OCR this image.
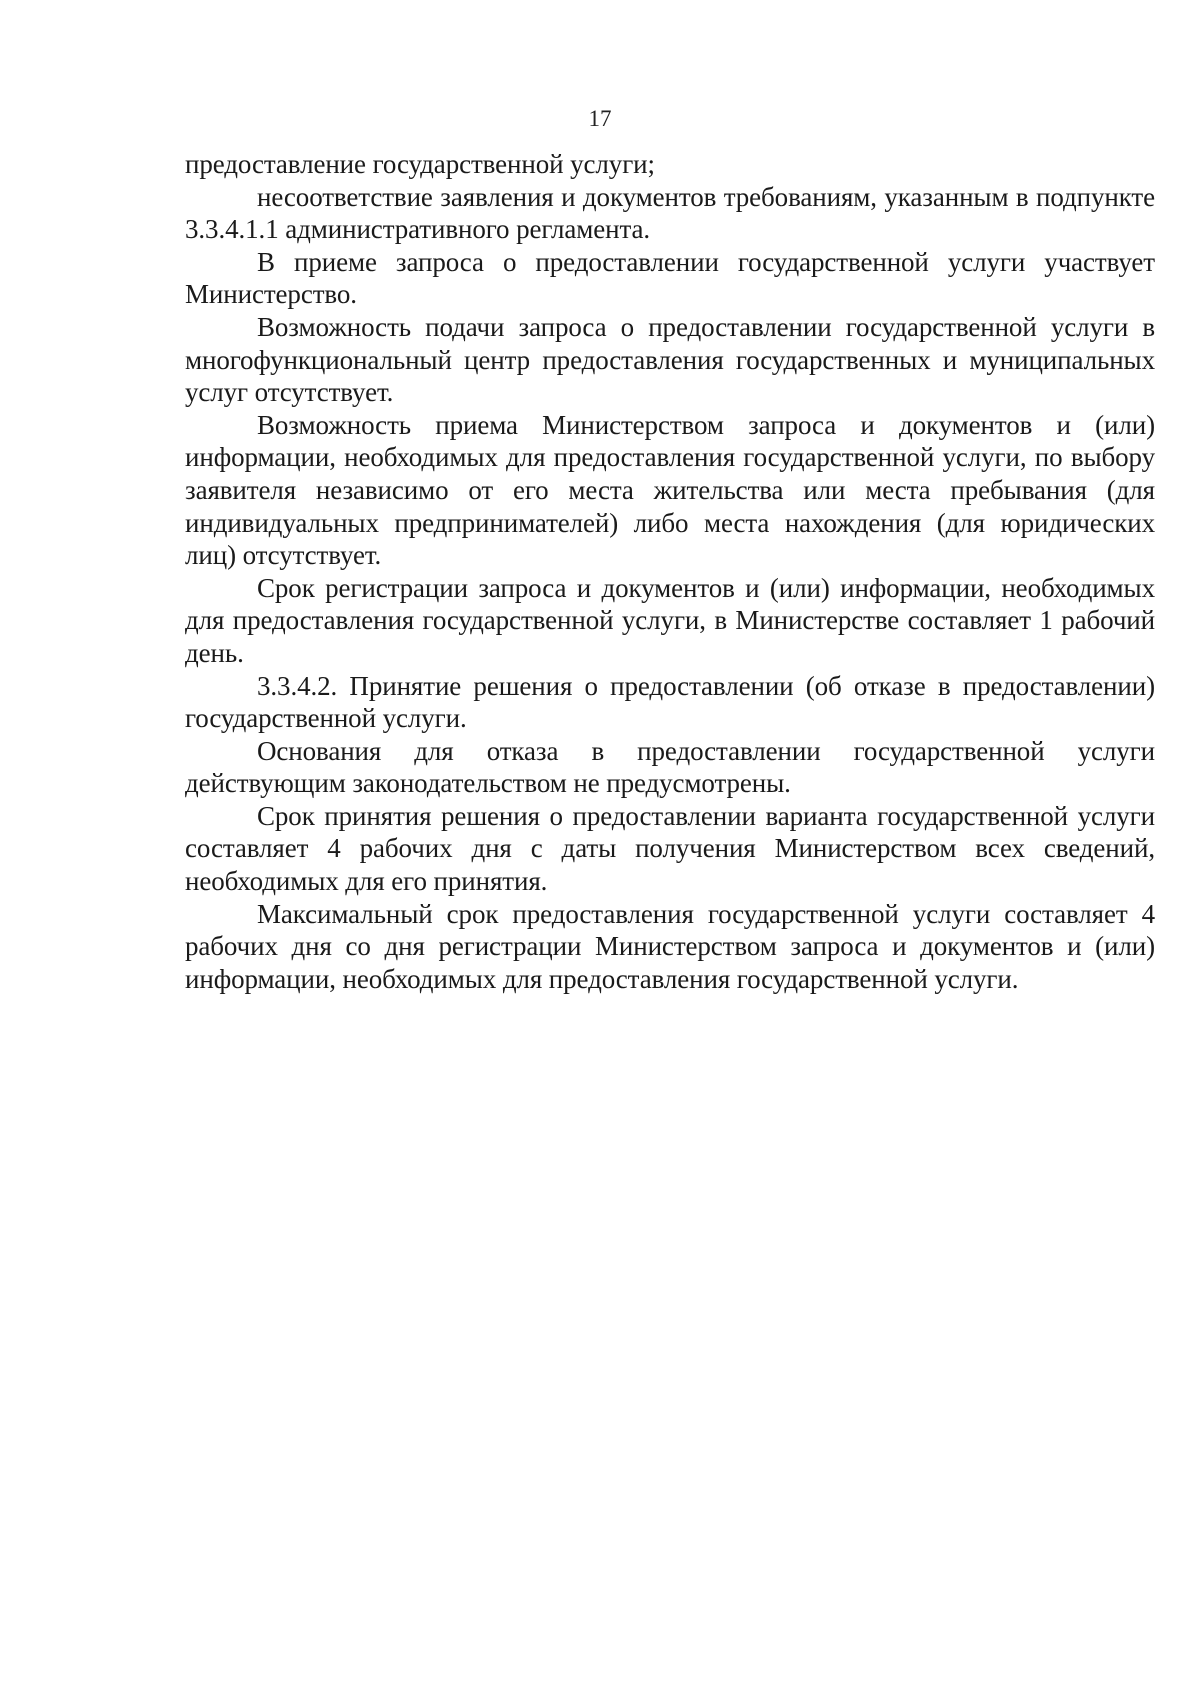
17

предоставление государственной услуги;

несоответствие заявления и документов требованиям, указанным в подпункте 3.3.4.1.1 административного регламента.

В приеме запроса о предоставлении государственной услуги участвует Министерство.

Возможность подачи запроса о предоставлении государственной услуги в многофункциональный центр предоставления государственных и муниципальных услуг отсутствует.

Возможность приема Министерством запроса и документов и (или) информации, необходимых для предоставления государственной услуги, по выбору заявителя независимо от его места жительства или места пребывания (для индивидуальных предпринимателей) либо места нахождения (для юридических лиц) отсутствует.

Срок регистрации запроса и документов и (или) информации, необходимых для предоставления государственной услуги, в Министерстве составляет 1 рабочий день.

3.3.4.2. Принятие решения о предоставлении (об отказе в предоставлении) государственной услуги.

Основания для отказа в предоставлении государственной услуги действующим законодательством не предусмотрены.

Срок принятия решения о предоставлении варианта государственной услуги составляет 4 рабочих дня с даты получения Министерством всех сведений, необходимых для его принятия.

Максимальный срок предоставления государственной услуги составляет 4 рабочих дня со дня регистрации Министерством запроса и документов и (или) информации, необходимых для предоставления государственной услуги.
